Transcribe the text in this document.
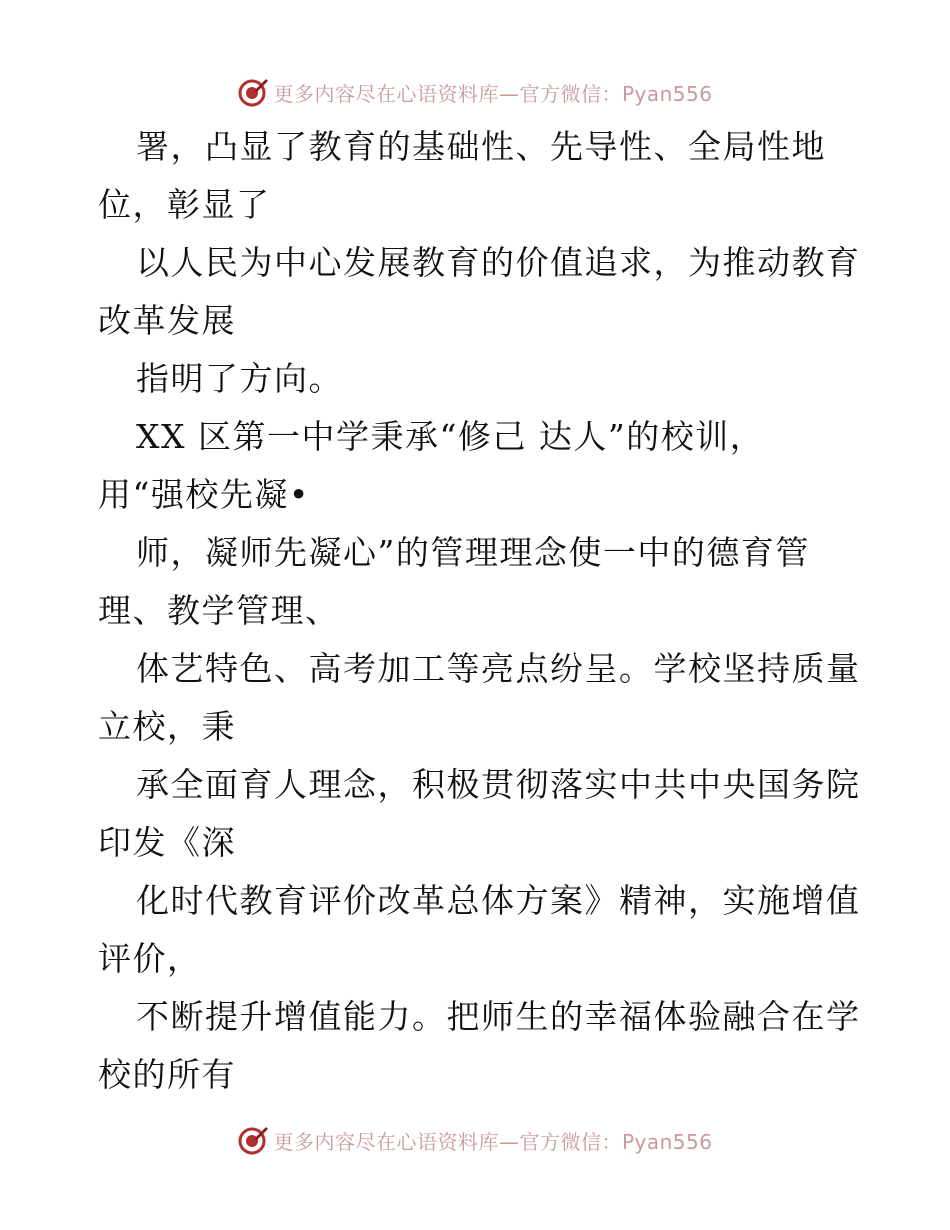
更多内容尽在心语资料库—官方微信：Pyan556
署，凸显了教育的基础性、先导性、全局性地
位，彰显了
以人民为中心发展教育的价值追求，为推动教育
改革发展
指明了方向。
XX 区第一中学秉承“修己 达人”的校训，
用“强校先凝•
师，凝师先凝心”的管理理念使一中的德育管
理、教学管理、
体艺特色、高考加工等亮点纷呈。学校坚持质量
立校，秉
承全面育人理念，积极贯彻落实中共中央国务院
印发《深
化时代教育评价改革总体方案》精神，实施增值
评价，
不断提升增值能力。把师生的幸福体验融合在学
校的所有
更多内容尽在心语资料库—官方微信：Pyan556
